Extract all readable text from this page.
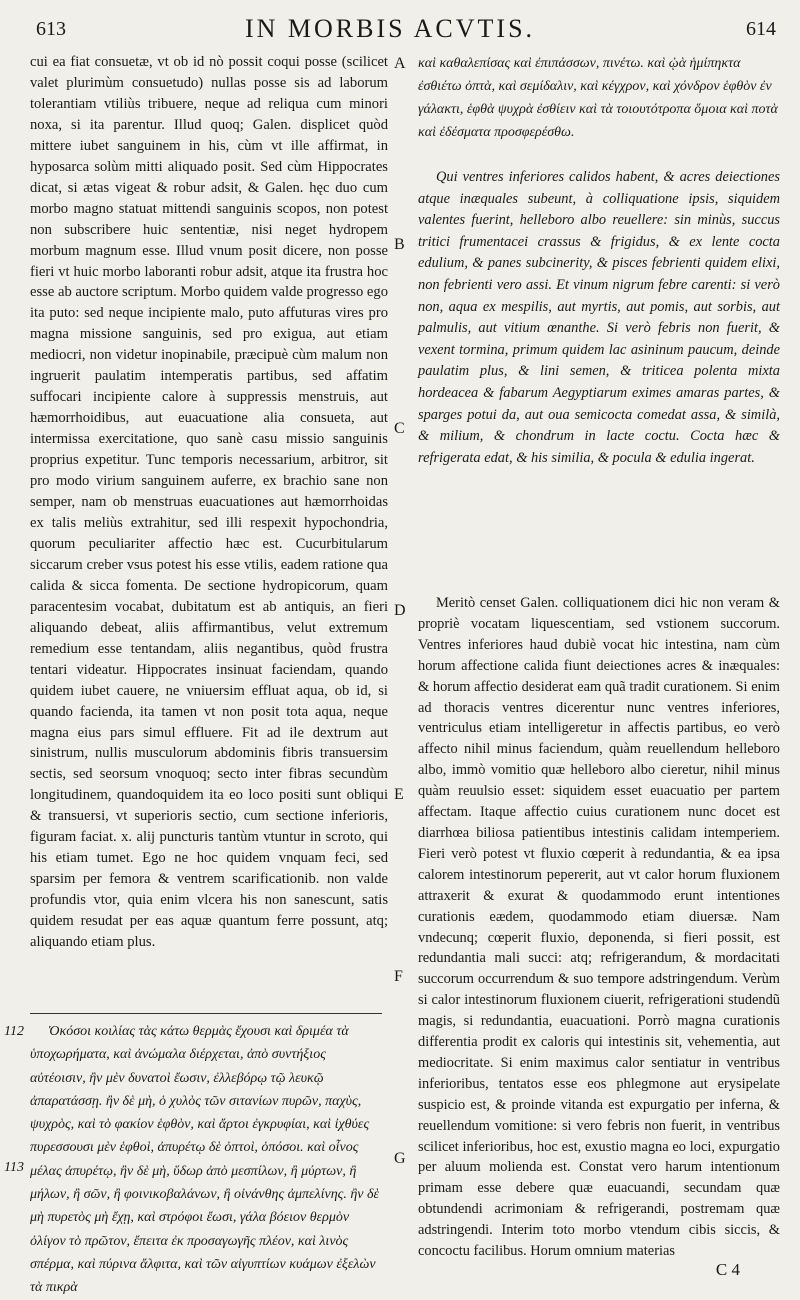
613	IN MORBIS ACVTIS.	614

cui ea fiat consuetæ, vt ob id nò possit coqui posse (scilicet valet plurimùm consuetudo) nullas posse sis ad laborum tolerantiam vtiliùs tribuere, neque ad reliqua cum minori noxa, si ita parentur. Illud quoq; Galen. displicet quòd mittere iubet sanguinem in his, cùm vt ille affirmat, in hyposarca solùm mitti aliquado posit. Sed cùm Hippocrates dicat, si ætas vigeat & robur adsit, & Galen. hęc duo cum morbo magno statuat mittendi sanguinis scopos, non potest non subscribere huic sententiæ, nisi neget hydropem morbum magnum esse. Illud vnum posit dicere, non posse fieri vt huic morbo laboranti robur adsit, atque ita frustra hoc esse ab auctore scriptum. Morbo quidem valde progresso ego ita puto: sed neque incipiente malo, puto affuturas vires pro magna missione sanguinis, sed pro exigua, aut etiam mediocri, non videtur inopinabile, præcipuè cùm malum non ingruerit paulatim intemperatis partibus, sed affatim suffocari incipiente calore à suppressis menstruis, aut hæmorrhoidibus, aut euacuatione alia consueta, aut intermissa exercitatione, quo sanè casu missio sanguinis proprius expetitur. Tunc temporis necessarium, arbitror, sit pro modo virium sanguinem auferre, ex brachio sane non semper, nam ob menstruas euacuationes aut hæmorrhoidas ex talis meliùs extrahitur, sed illi respexit hypochondria, quorum peculiariter affectio hæc est. Cucurbitularum siccarum creber vsus potest his esse vtilis, eadem ratione qua calida & sicca fomenta. De sectione hydropicorum, quam paracentesim vocabat, dubitatum est ab antiquis, an fieri aliquando debeat, aliis affirmantibus, velut extremum remedium esse tentandam, aliis negantibus, quòd frustra tentari videatur. Hippocrates insinuat faciendam, quando quidem iubet cauere, ne vniuersim effluat aqua, ob id, si quando facienda, ita tamen vt non posit tota aqua, neque magna eius pars simul effluere. Fit ad ile dextrum aut sinistrum, nullis musculorum abdominis fibris transuersim sectis, sed seorsum vnoquoq; secto inter fibras secundùm longitudinem, quandoquidem ita eo loco positi sunt obliqui & transuersi, vt superioris sectio, cum sectione inferioris, figuram faciat. x. alij puncturis tantùm vtuntur in scroto, qui his etiam tumet. Ego ne hoc quidem vnquam feci, sed sparsim per femora & ventrem scarificationib. non valde profundis vtor, quia enim vlcera his non sanescunt, satis quidem resudat per eas aquæ quantum ferre possunt, atq; aliquando etiam plus.

112
113

Ὁκόσοι κοιλίας τὰς κάτω θερμὰς ἔχουσι καὶ δριμέα τὰ ὑποχωρήματα, καὶ ἀνώμαλα διέρχεται, ἀπὸ συντήξιος αὐτέοισιν, ἢν μὲν δυνατοὶ ἔωσιν, ἐλλεβόρῳ τῷ λευκῷ ἀπαρατάσσῃ. ἢν δὲ μὴ, ὁ χυλὸς τῶν σιτανίων πυρῶν, παχὺς, ψυχρὸς, καὶ τὸ φακίον ἑφθὸν, καὶ ἄρτοι ἐγκρυφίαι, καὶ ἰχθύες πυρεσσουσι μὲν ἑφθοὶ, ἀπυρέτῳ δὲ ὀπτοὶ, ὁπόσοι. καὶ οἶνος μέλας ἀπυρέτῳ, ἢν δὲ μὴ, ὕδωρ ἀπὸ μεσπίλων, ἢ μύρτων, ἢ μήλων, ἢ σῶν, ἢ φοινικοβαλάνων, ἢ οἰνάνθης ἀμπελίνης. ἢν δὲ μὴ πυρετὸς μὴ ἔχῃ, καὶ στρόφοι ἔωσι, γάλα βόειον θερμὸν ὀλίγον τὸ πρῶτον, ἔπειτα ἐκ προσαγωγῆς πλέον, καὶ λινὸς σπέρμα, καὶ πύρινα ἄλφιτα, καὶ τῶν αἰγυπτίων κυάμων ἐξελὼν τὰ πικρὰ

καὶ καθαλεπίσας καὶ ἐπιπάσσων, πινέτω. καὶ ᾠὰ ἡμίπηκτα ἐσθιέτω ὀπτὰ, καὶ σεμίδαλιν, καὶ κέγχρον, καὶ χόνδρον ἑφθὸν ἐν γάλακτι, ἑφθὰ ψυχρὰ ἐσθίειν καὶ τὰ τοιουτότροπα ὅμοια καὶ ποτὰ καὶ ἐδέσματα προσφερέσθω.

Qui ventres inferiores calidos habent, & acres deiectiones atque inæquales subeunt, à colliquatione ipsis, siquidem valentes fuerint, helleboro albo reuellere: sin minùs, succus tritici frumentacei crassus & frigidus, & ex lente cocta edulium, & panes subcinerity, & pisces febrienti quidem elixi, non febrienti vero assi. Et vinum nigrum febre carenti: si verò non, aqua ex mespilis, aut myrtis, aut pomis, aut sorbis, aut palmulis, aut vitium œnanthe. Si verò febris non fuerit, & vexent tormina, primum quidem lac asininum paucum, deinde paulatim plus, & lini semen, & triticea polenta mixta hordeacea & fabarum Aegyptiarum eximes amaras partes, & sparges potui da, aut oua semicocta comedat assa, & similà, & milium, & chondrum in lacte coctu. Cocta hæc & refrigerata edat, & his similia, & pocula & edulia ingerat.

Meritò censet Galen. colliquationem dici hic non veram & propriè vocatam liquescentiam, sed vstionem succorum. Ventres inferiores haud dubiè vocat hic intestina, nam cùm horum affectione calida fiunt deiectiones acres & inæquales: & horum affectio desiderat eam quã tradit curationem. Si enim ad thoracis ventres dicerentur nunc ventres inferiores, ventriculus etiam intelligeretur in affectis partibus, eo verò affecto nihil minus faciendum, quàm reuellendum helleboro albo, immò vomitio quæ helleboro albo cieretur, nihil minus quàm reuulsio esset: siquidem esset euacuatio per partem affectam. Itaque affectio cuius curationem nunc docet est diarrhœa biliosa patientibus intestinis calidam intemperiem. Fieri verò potest vt fluxio cœperit à redundantia, & ea ipsa calorem intestinorum pepererit, aut vt calor horum fluxionem attraxerit & exurat & quodammodo erunt intentiones curationis eædem, quodammodo etiam diuersæ. Nam vndecunq; cœperit fluxio, deponenda, si fieri possit, est redundantia mali succi: atq; refrigerandum, & mordacitati succorum occurrendum & suo tempore adstringendum. Verùm si calor intestinorum fluxionem ciuerit, refrigerationi studendũ magis, si redundantia, euacuationi. Porrò magna curationis differentia prodit ex caloris qui intestinis sit, vehementia, aut mediocritate. Si enim maximus calor sentiatur in ventribus inferioribus, tentatos esse eos phlegmone aut erysipelate suspicio est, & proinde vitanda est expurgatio per inferna, & reuellendum vomitione: si vero febris non fuerit, in ventribus scilicet inferioribus, hoc est, exustio magna eo loci, expurgatio per aluum molienda est. Constat vero harum intentionum primam esse debere quæ euacuandi, secundam quæ obtundendi acrimoniam & refrigerandi, postremam quæ adstringendi. Interim toto morbo vtendum cibis siccis, & concoctu facilibus. Horum omnium materias

A
B
C
D
E
F
G
C 4
